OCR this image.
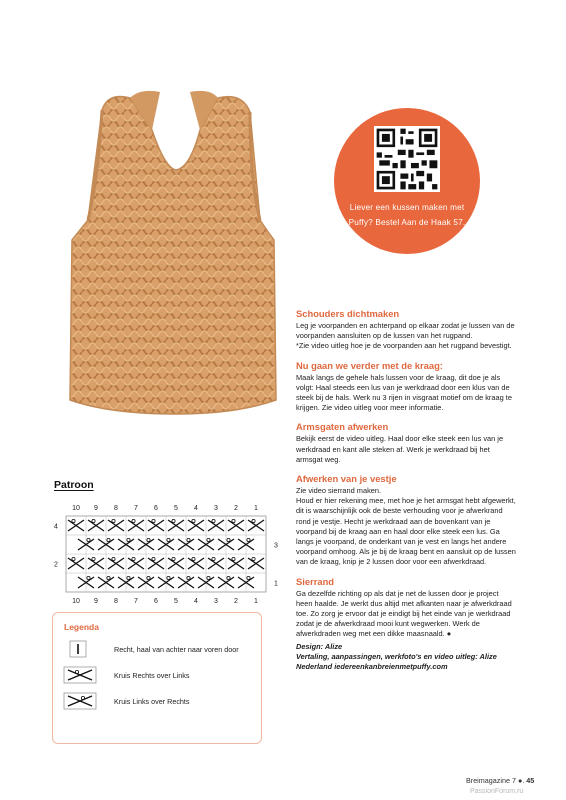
Liever een kussen maken met Puffy? Bestel Aan de Haak 57.
Schouders dichtmaken

Leg je voorpanden en achterpand op elkaar zodat je lussen van de voorpanden aansluiten op de lussen van het rugpand.
*Zie video uitleg hoe je de voorpanden aan het rugpand bevestigt.

Nu gaan we verder met de kraag:

Maak langs de gehele hals lussen voor de kraag, dit doe je als volgt: Haal steeds een lus van je werkdraad door een klus van de steek bij de hals. Werk nu 3 rijen in visgraat motief om de kraag te krijgen. Zie video uitleg voor meer informatie.

Armsgaten afwerken

Bekijk eerst de video uitleg. Haal door elke steek een lus van je werkdraad en kant alle steken af. Werk je werkdraad bij het armsgat weg.

Afwerken van je vestje

Zie video sierrand maken.
Houd er hier rekening mee, met hoe je het armsgat hebt afgewerkt, dit is waarschijnlijk ook de beste verhouding voor je afwerkrand rond je vestje. Hecht je werkdraad aan de bovenkant van je voorpand bij de kraag aan en haal door elke steek een lus. Ga langs je voorpand, de onderkant van je vest en langs het andere voorpand omhoog. Als je bij de kraag bent en aansluit op de lussen van de kraag, knip je 2 lussen door voor een afwerkdraad.

Sierrand

Ga dezelfde richting op als dat je net de lussen door je project heen haalde. Je werkt dus altijd met afkanten naar je afwerkdraad toe. Zo zorg je ervoor dat je eindigt bij het einde van je werkdraad zodat je de afwerkdraad mooi kunt wegwerken. Werk de afwerkdraden weg met een dikke maasnaald. ●

Design: Alize
Vertaling, aanpassingen, werkfoto's en video uitleg: Alize Nederland iedereenkanbreienmetpuffy.com
Patroon
10 9 8 7 6 5 4 3 2 1
10 9 8 7 6 5 4 3 2 1
4
2
3
1
Legenda
Recht, haal van achter naar voren door
Kruis Rechts over Links
Kruis Links over Rechts
Breimagazine 7 ●. 45
PassionForum.ru
